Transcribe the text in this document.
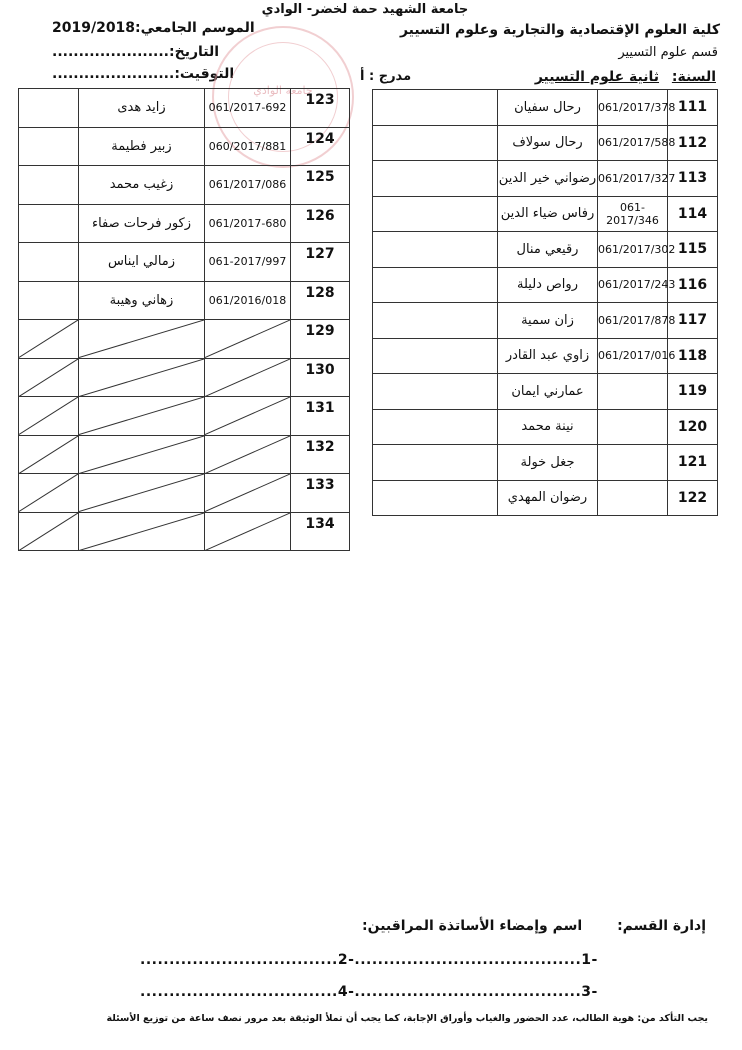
جامعة الشهيد حمة لخضر- الوادي
كلية العلوم الإقتصادية والتجارية وعلوم التسيير
قسم علوم التسيير
الموسم الجامعي:2019/2018
التاريخ:......................
التوقيت:.......................	السنة: ثانية علوم التسيير
مدرج : أ
جامعة الوادي
	رحال سفيان	061/2017/378	111
	رحال سولاف	061/2017/588	112
	رضواني خير الدين	061/2017/327	113
	رفاس ضياء الدين	061-2017/346	114
	رقيعي منال	061/2017/302	115
	رواص دليلة	061/2017/243	116
	زان سمية	061/2017/878	117
	زاوي عبد القادر	061/2017/016	118
	عمارني ايمان		119
	نينة محمد		120
	جغل خولة		121
	رضوان المهدي		122
	زايد هدى	061/2017-692	123
	زبير فطيمة	060/2017/881	124
	زغيب محمد	061/2017/086	125
	زكور فرحات صفاء	061/2017-680	126
	زمالي ايناس	061-2017/997	127
	زهاني وهيبة	061/2016/018	128

	129

	130

	131

	132

	133

	134
إدارة القسم:
اسم وإمضاء الأساتذة المراقبين:
..................................2-.......................................1-
..................................4-.......................................3-
يجب التأكد من: هوية الطالب، عدد الحضور والغياب وأوراق الإجابة، كما يجب أن تملأ الوثيقة بعد مرور نصف ساعة من توزيع الأسئلة
